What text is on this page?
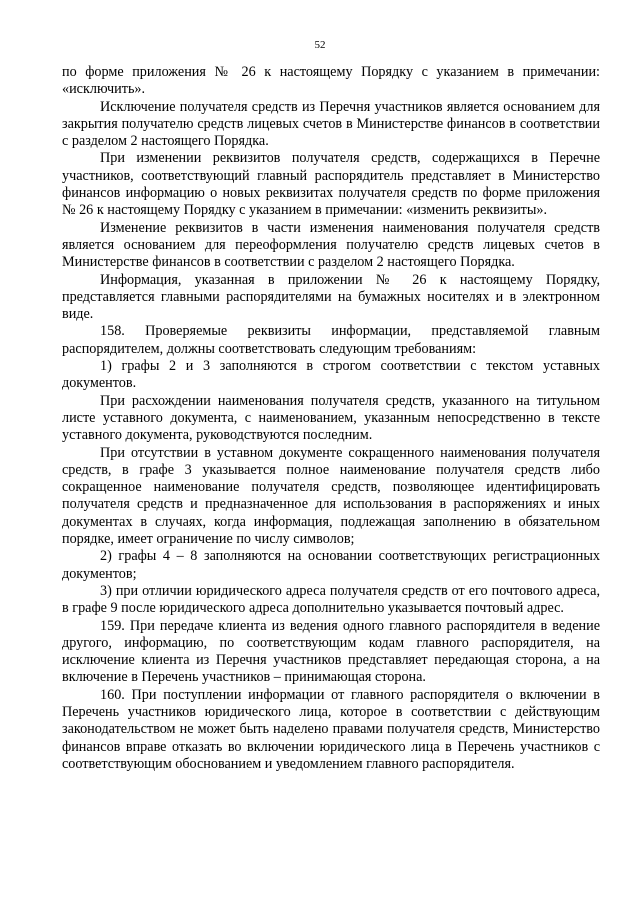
52

по форме приложения № 26 к настоящему Порядку с указанием в примечании: «исключить».

Исключение получателя средств из Перечня участников является основанием для закрытия получателю средств лицевых счетов в Министерстве финансов в соответствии с разделом 2 настоящего Порядка.

При изменении реквизитов получателя средств, содержащихся в Перечне участников, соответствующий главный распорядитель представляет в Министерство финансов информацию о новых реквизитах получателя средств по форме приложения № 26 к настоящему Порядку с указанием в примечании: «изменить реквизиты».

Изменение реквизитов в части изменения наименования получателя средств является основанием для переоформления получателю средств лицевых счетов в Министерстве финансов в соответствии с разделом 2 настоящего Порядка.

Информация, указанная в приложении № 26 к настоящему Порядку, представляется главными распорядителями на бумажных носителях и в электронном виде.

158. Проверяемые реквизиты информации, представляемой главным распорядителем, должны соответствовать следующим требованиям:

1) графы 2 и 3 заполняются в строгом соответствии с текстом уставных документов.

При расхождении наименования получателя средств, указанного на титульном листе уставного документа, с наименованием, указанным непосредственно в тексте уставного документа, руководствуются последним.

При отсутствии в уставном документе сокращенного наименования получателя средств, в графе 3 указывается полное наименование получателя средств либо сокращенное наименование получателя средств, позволяющее идентифицировать получателя средств и предназначенное для использования в распоряжениях и иных документах в случаях, когда информация, подлежащая заполнению в обязательном порядке, имеет ограничение по числу символов;

2) графы 4 – 8 заполняются на основании соответствующих регистрационных документов;

3) при отличии юридического адреса получателя средств от его почтового адреса, в графе 9 после юридического адреса дополнительно указывается почтовый адрес.

159. При передаче клиента из ведения одного главного распорядителя в ведение другого, информацию, по соответствующим кодам главного распорядителя, на исключение клиента из Перечня участников представляет передающая сторона, а на включение в Перечень участников – принимающая сторона.

160. При поступлении информации от главного распорядителя о включении в Перечень участников юридического лица, которое в соответствии с действующим законодательством не может быть наделено правами получателя средств, Министерство финансов вправе отказать во включении юридического лица в Перечень участников с соответствующим обоснованием и уведомлением главного распорядителя.
